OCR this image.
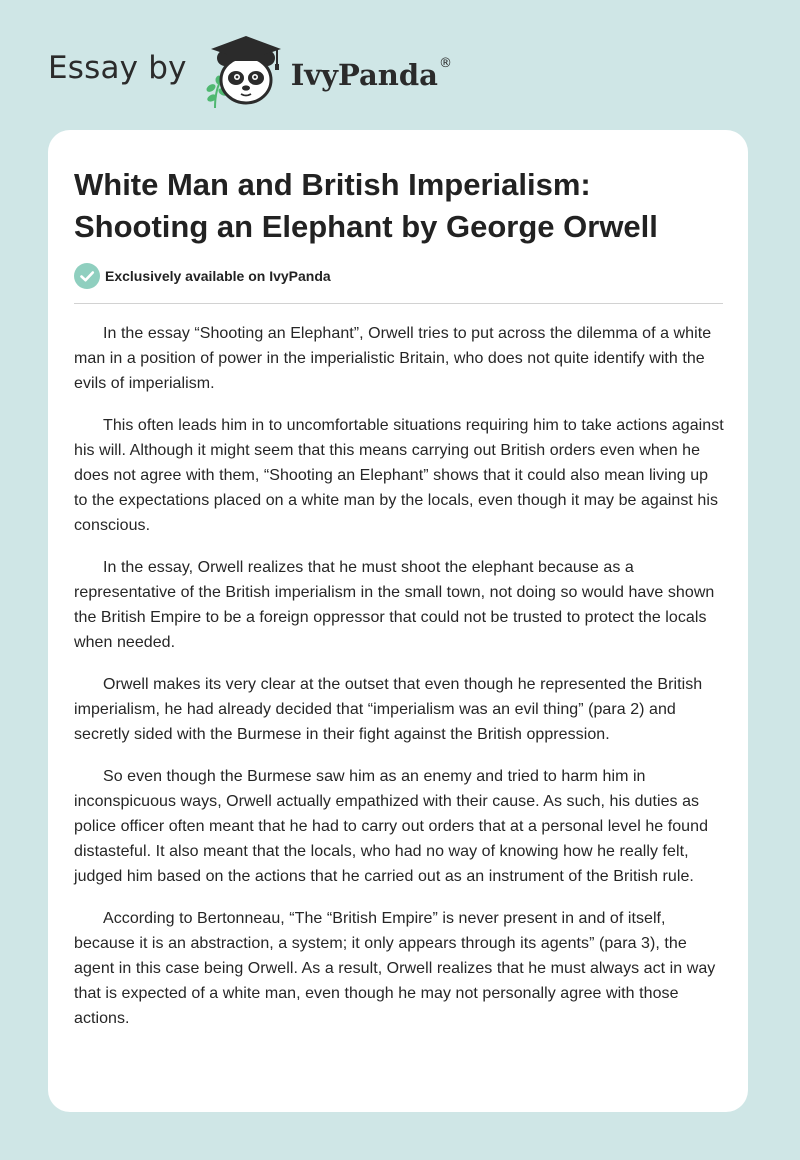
Essay by	IvyPanda ®
White Man and British Imperialism: Shooting an Elephant by George Orwell
Exclusively available on IvyPanda

In the essay “Shooting an Elephant”, Orwell tries to put across the dilemma of a white man in a position of power in the imperialistic Britain, who does not quite identify with the evils of imperialism.

This often leads him in to uncomfortable situations requiring him to take actions against his will. Although it might seem that this means carrying out British orders even when he does not agree with them, “Shooting an Elephant” shows that it could also mean living up to the expectations placed on a white man by the locals, even though it may be against his conscious.

In the essay, Orwell realizes that he must shoot the elephant because as a representative of the British imperialism in the small town, not doing so would have shown the British Empire to be a foreign oppressor that could not be trusted to protect the locals when needed.

Orwell makes its very clear at the outset that even though he represented the British imperialism, he had already decided that “imperialism was an evil thing” (para 2) and secretly sided with the Burmese in their fight against the British oppression.

So even though the Burmese saw him as an enemy and tried to harm him in inconspicuous ways, Orwell actually empathized with their cause. As such, his duties as police officer often meant that he had to carry out orders that at a personal level he found distasteful. It also meant that the locals, who had no way of knowing how he really felt, judged him based on the actions that he carried out as an instrument of the British rule.

According to Bertonneau, “The “British Empire” is never present in and of itself, because it is an abstraction, a system; it only appears through its agents” (para 3), the agent in this case being Orwell. As a result, Orwell realizes that he must always act in way that is expected of a white man, even though he may not personally agree with those actions.
